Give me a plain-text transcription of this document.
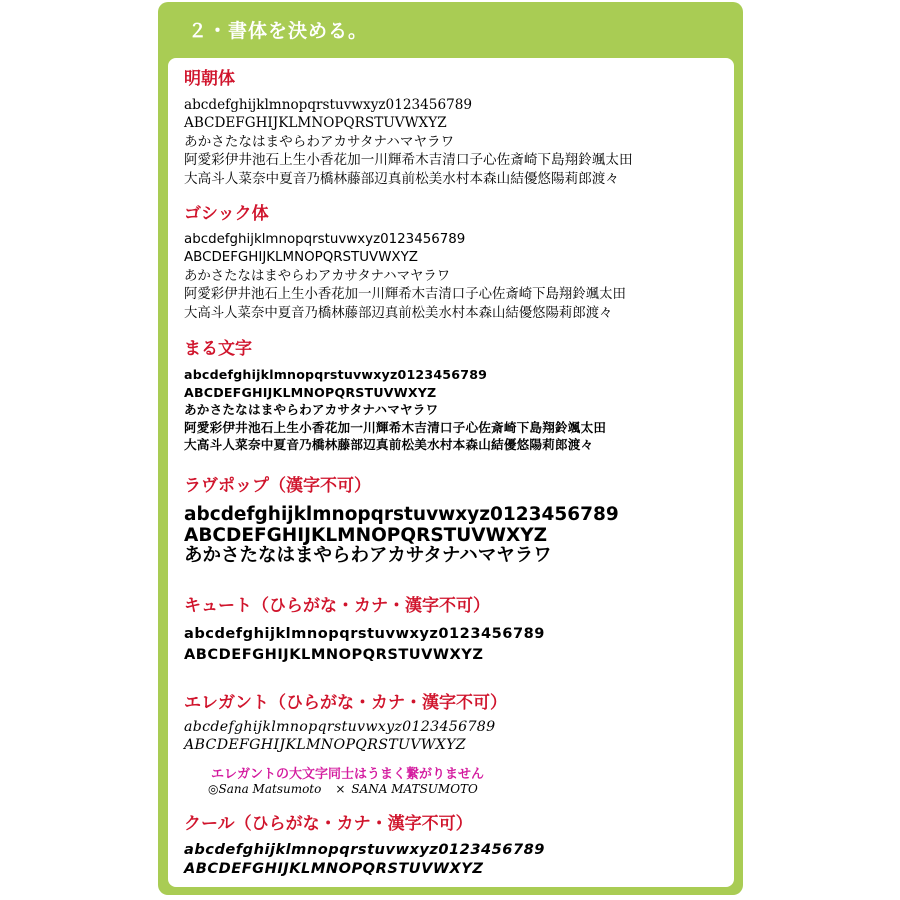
２・書体を決める。
明朝体
abcdefghijklmnopqrstuvwxyz0123456789
ABCDEFGHIJKLMNOPQRSTUVWXYZ
あかさたなはまやらわアカサタナハマヤラワ
阿愛彩伊井池石上生小香花加一川輝希木吉清口子心佐斎崎下島翔鈴颯太田
大高斗人菜奈中夏音乃橋林藤部辺真前松美水村本森山結優悠陽莉郎渡々
ゴシック体
abcdefghijklmnopqrstuvwxyz0123456789
ABCDEFGHIJKLMNOPQRSTUVWXYZ
あかさたなはまやらわアカサタナハマヤラワ
阿愛彩伊井池石上生小香花加一川輝希木吉清口子心佐斎崎下島翔鈴颯太田
大高斗人菜奈中夏音乃橋林藤部辺真前松美水村本森山結優悠陽莉郎渡々
まる文字
abcdefghijklmnopqrstuvwxyz0123456789
ABCDEFGHIJKLMNOPQRSTUVWXYZ
あかさたなはまやらわアカサタナハマヤラワ
阿愛彩伊井池石上生小香花加一川輝希木吉清口子心佐斎崎下島翔鈴颯太田
大高斗人菜奈中夏音乃橋林藤部辺真前松美水村本森山結優悠陽莉郎渡々
ラヴポップ（漢字不可）
abcdefghijklmnopqrstuvwxyz0123456789
ABCDEFGHIJKLMNOPQRSTUVWXYZ
あかさたなはまやらわアカサタナハマヤラワ
キュート（ひらがな・カナ・漢字不可）
abcdefghijklmnopqrstuvwxyz0123456789
ABCDEFGHIJKLMNOPQRSTUVWXYZ
エレガント（ひらがな・カナ・漢字不可）
abcdefghijklmnopqrstuvwxyz0123456789
ABCDEFGHIJKLMNOPQRSTUVWXYZ
エレガントの大文字同士はうまく繋がりません
◎Sana Matsumoto × SANA MATSUMOTO
クール（ひらがな・カナ・漢字不可）
abcdefghijklmnopqrstuvwxyz0123456789
ABCDEFGHIJKLMNOPQRSTUVWXYZ
